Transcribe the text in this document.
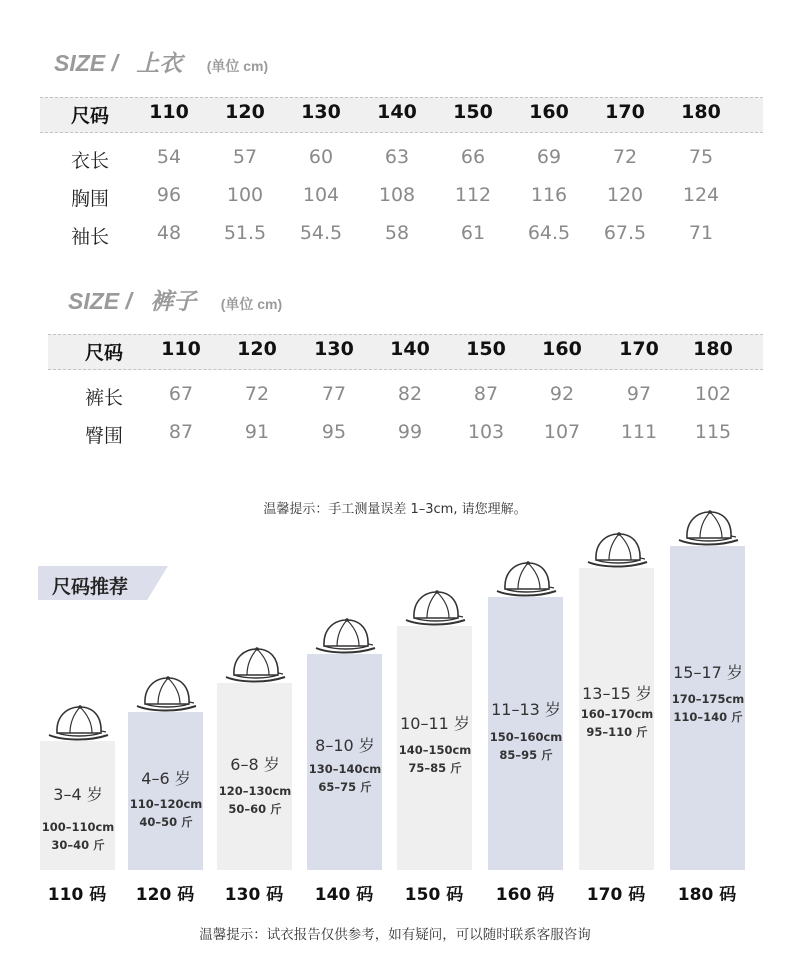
SIZE / 上衣 (单位 cm)
尺码	110	120	130	140	150	160	170	180
衣长	54	57	60	63	66	69	72	75
胸围	96	100	104	108	112	116	120	124
袖长	48	51.5	54.5	58	61	64.5	67.5	71
SIZE / 裤子 (单位 cm)
尺码	110	120	130	140	150	160	170	180
裤长	67	72	77	82	87	92	97	102
臀围	87	91	95	99	103	107	111	115
温馨提示：手工测量误差 1–3cm, 请您理解。
尺码推荐
3–4 岁
100–110cm
30–40 斤
110 码
4–6 岁
110–120cm
40–50 斤
120 码
6–8 岁
120–130cm
50–60 斤
130 码
8–10 岁
130–140cm
65–75 斤
140 码
10–11 岁
140–150cm
75–85 斤
150 码
11–13 岁
150–160cm
85–95 斤
160 码
13–15 岁
160–170cm
95–110 斤
170 码
15–17 岁
170–175cm
110–140 斤
180 码
温馨提示：试衣报告仅供参考，如有疑问，可以随时联系客服咨询
